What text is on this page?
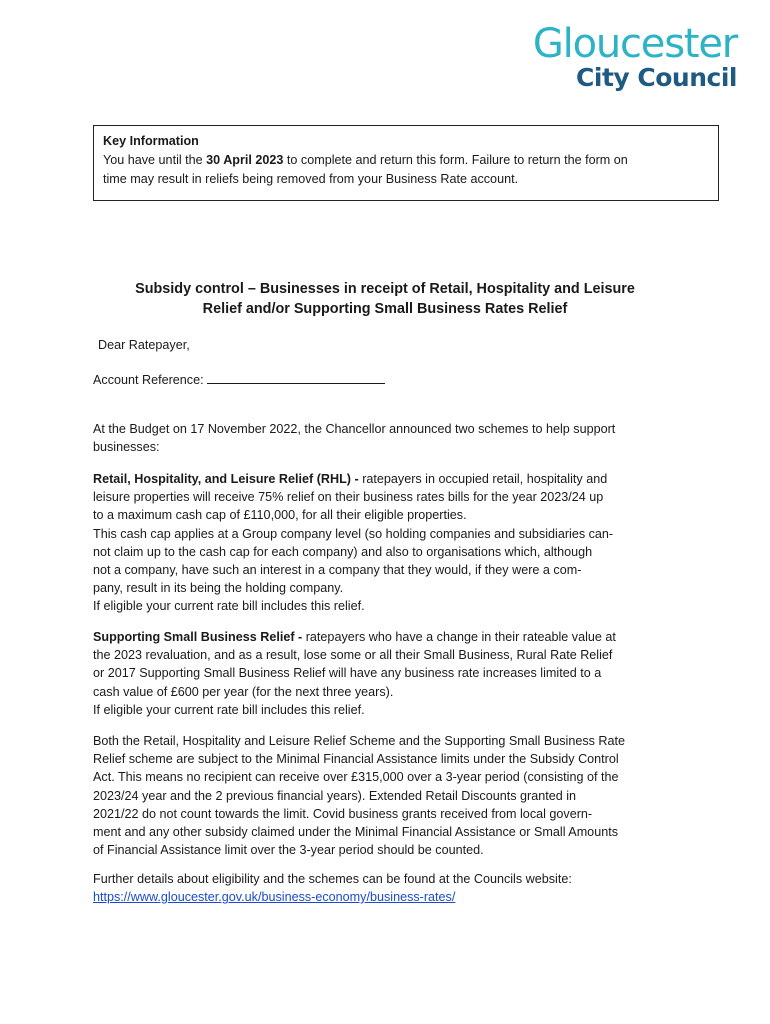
Gloucester
City Council
Key Information
You have until the 30 April 2023 to complete and return this form. Failure to return the form on
time may result in reliefs being removed from your Business Rate account.
Subsidy control – Businesses in receipt of Retail, Hospitality and Leisure
Relief and/or Supporting Small Business Rates Relief

Dear Ratepayer,

Account Reference:

At the Budget on 17 November 2022, the Chancellor announced two schemes to help support
businesses:

Retail, Hospitality, and Leisure Relief (RHL) - ratepayers in occupied retail, hospitality and
leisure properties will receive 75% relief on their business rates bills for the year 2023/24 up
to a maximum cash cap of £110,000, for all their eligible properties.
This cash cap applies at a Group company level (so holding companies and subsidiaries can-
not claim up to the cash cap for each company) and also to organisations which, although
not a company, have such an interest in a company that they would, if they were a com-
pany, result in its being the holding company.
If eligible your current rate bill includes this relief.

Supporting Small Business Relief - ratepayers who have a change in their rateable value at
the 2023 revaluation, and as a result, lose some or all their Small Business, Rural Rate Relief
or 2017 Supporting Small Business Relief will have any business rate increases limited to a
cash value of £600 per year (for the next three years).
If eligible your current rate bill includes this relief.

Both the Retail, Hospitality and Leisure Relief Scheme and the Supporting Small Business Rate
Relief scheme are subject to the Minimal Financial Assistance limits under the Subsidy Control
Act. This means no recipient can receive over £315,000 over a 3-year period (consisting of the
2023/24 year and the 2 previous financial years). Extended Retail Discounts granted in
2021/22 do not count towards the limit. Covid business grants received from local govern-
ment and any other subsidy claimed under the Minimal Financial Assistance or Small Amounts
of Financial Assistance limit over the 3-year period should be counted.

Further details about eligibility and the schemes can be found at the Councils website:
https://www.gloucester.gov.uk/business-economy/business-rates/
